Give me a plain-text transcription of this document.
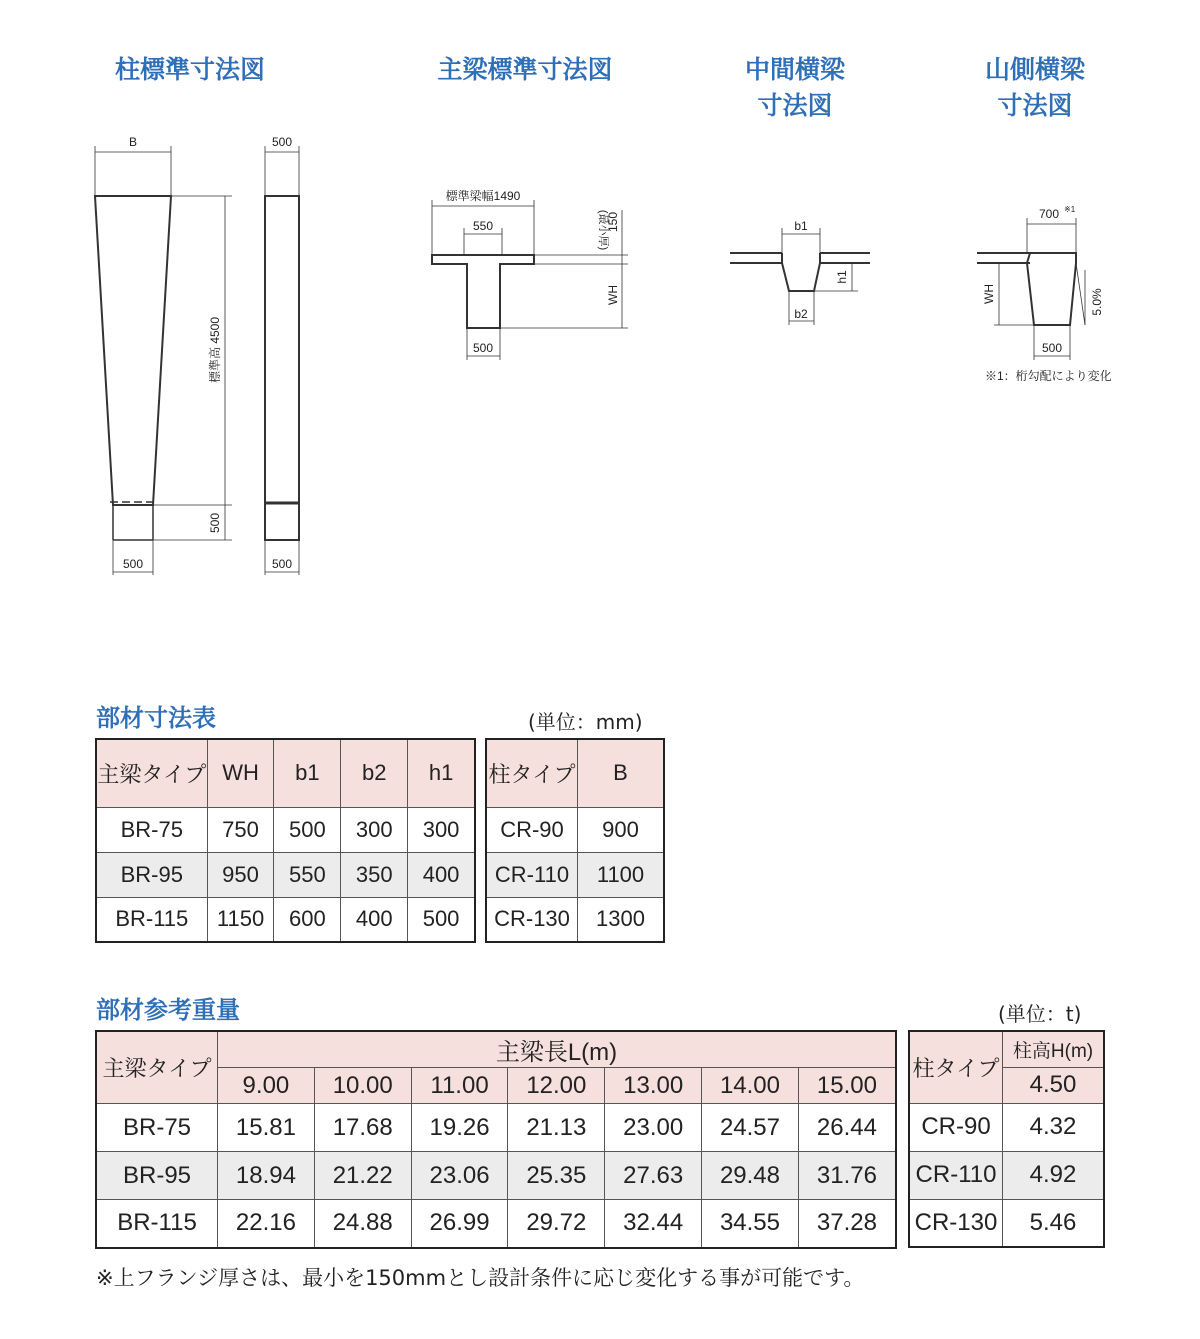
柱標準寸法図	主梁標準寸法図	中間横梁
寸法図
山側横梁
寸法図
B
標準高 4500
500
500
500
500
標準梁幅1490
550	(最小厚)
150
WH
500
b1
h1
b2
700 ※1
WH	5.0%
500
※1：桁勾配により変化
部材寸法表	(単位：mm)
主梁タイプ	WH	b1	b2	h1
BR-75	750	500	300	300
BR-95	950	550	350	400
BR-115	1150	600	400	500
柱タイプ	B
CR-90	900
CR-110	1100
CR-130	1300
部材参考重量	(単位：t)
主梁タイプ	主梁長L(m)						
	9.00	10.00	11.00	12.00	13.00	14.00	15.00
BR-75	15.81	17.68	19.26	21.13	23.00	24.57	26.44
BR-95	18.94	21.22	23.06	25.35	27.63	29.48	31.76
BR-115	22.16	24.88	26.99	29.72	32.44	34.55	37.28
柱タイプ	柱高H(m)
	4.50
CR-90	4.32
CR-110	4.92
CR-130	5.46
※上フランジ厚さは、最小を150mmとし設計条件に応じ変化する事が可能です。
